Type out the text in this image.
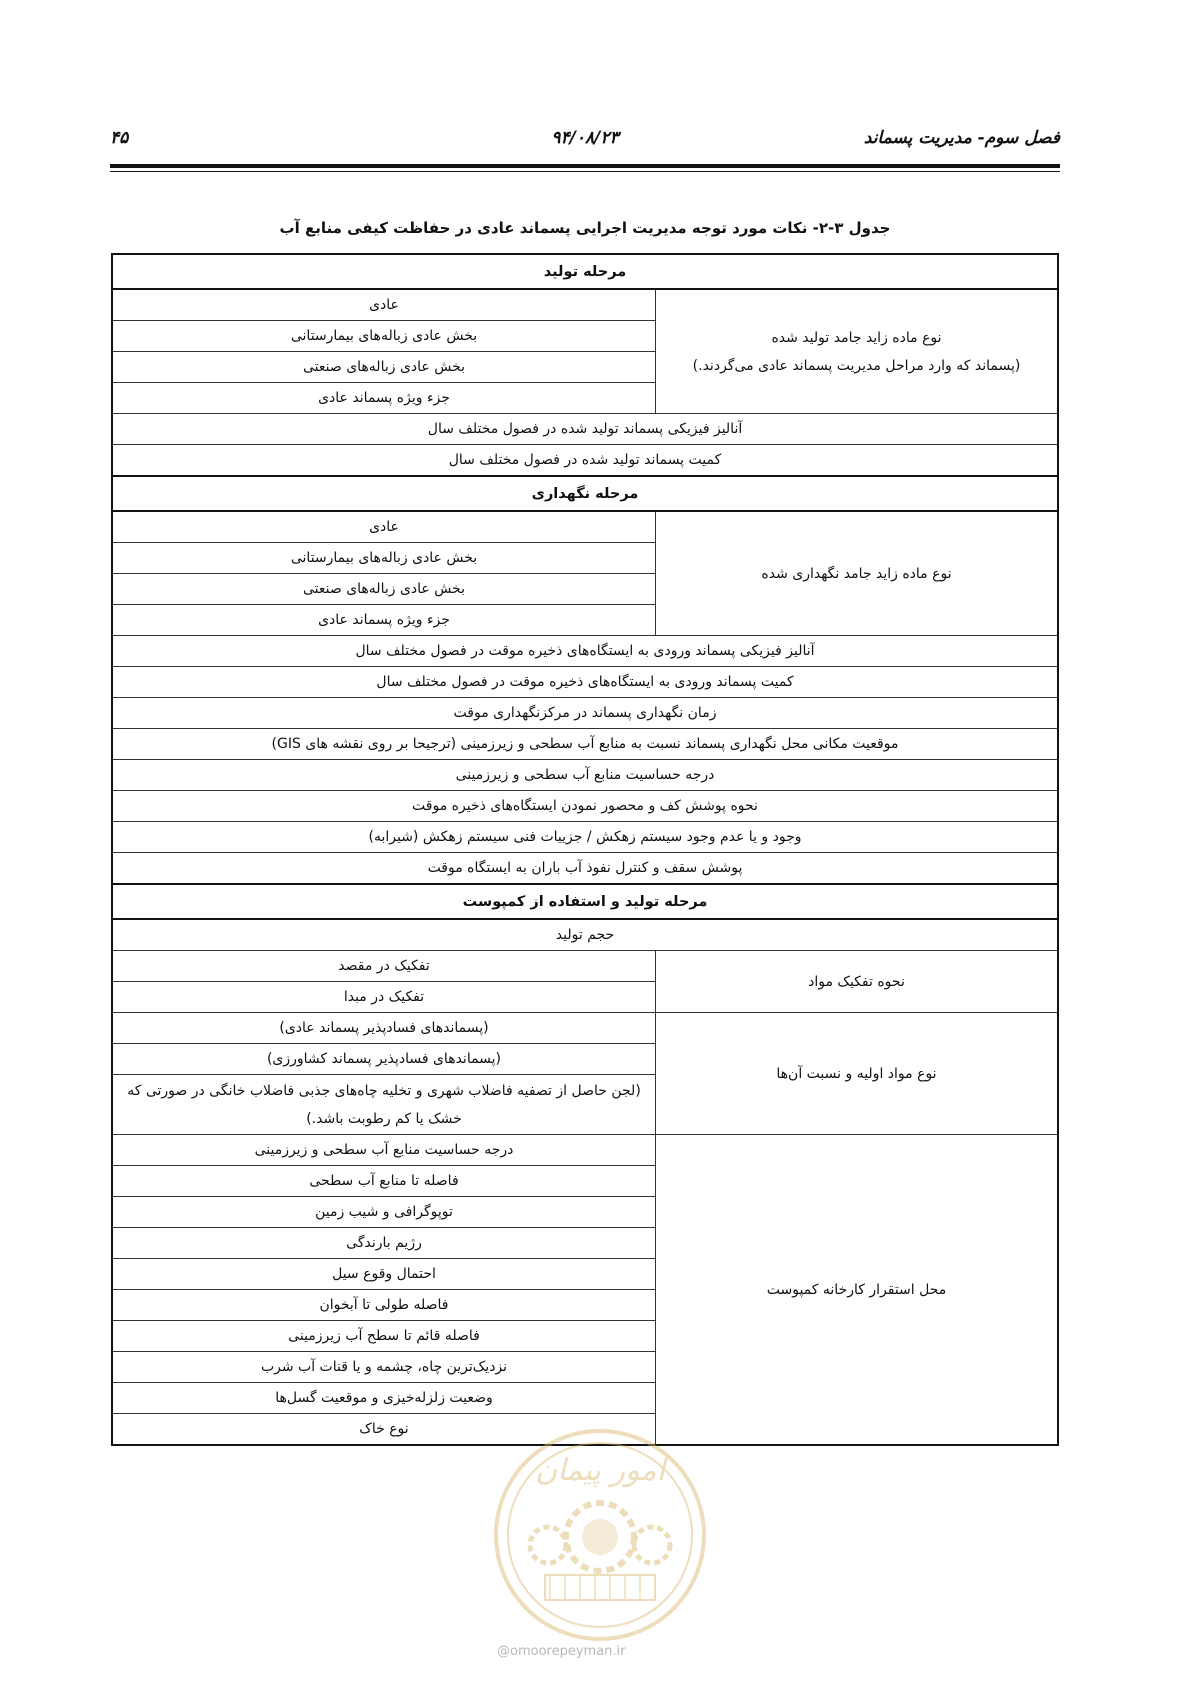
فصل سوم- مدیریت پسماند
۹۴/۰۸/۲۳
۴۵
جدول ۳-۲- نکات مورد توجه مدیریت اجرایی پسماند عادی در حفاظت کیفی منابع آب
مرحله تولید	
نوع ماده زاید جامد تولید شده
(پسماند که وارد مراحل مدیریت پسماند عادی می‌گردند.)	عادی
	بخش عادی زباله‌های بیمارستانی
	بخش عادی زباله‌های صنعتی
	جزء ویژه پسماند عادی
آنالیز فیزیکی پسماند تولید شده در فصول مختلف سال	
کمیت پسماند تولید شده در فصول مختلف سال	
مرحله نگهداری	
نوع ماده زاید جامد نگهداری شده	عادی
	بخش عادی زباله‌های بیمارستانی
	بخش عادی زباله‌های صنعتی
	جزء ویژه پسماند عادی
آنالیز فیزیکی پسماند ورودی به ایستگاه‌های ذخیره موقت در فصول مختلف سال	
کمیت پسماند ورودی به ایستگاه‌های ذخیره موقت در فصول مختلف سال	
زمان نگهداری پسماند در مرکزنگهداری موقت	
موقعیت مکانی محل نگهداری پسماند نسبت به منابع آب سطحی و زیرزمینی (ترجیحا بر روی نقشه های GIS)	
درجه حساسیت منابع آب سطحی و زیرزمینی	
نحوه پوشش کف و محصور نمودن ایستگاه‌های ذخیره موقت	
وجود و یا عدم وجود سیستم زهکش / جزییات فنی سیستم زهکش (شیرابه)	
پوشش سقف و کنترل نفوذ آب باران به ایستگاه موقت	
مرحله تولید و استفاده از کمپوست	
حجم تولید	
نحوه تفکیک مواد	تفکیک در مقصد
	تفکیک در مبدا
نوع مواد اولیه و نسبت آن‌ها	(پسماندهای فسادپذیر پسماند عادی)
	(پسماندهای فسادپذیر پسماند کشاورزی)
	(لجن حاصل از تصفیه فاضلاب شهری و تخلیه چاه‌های جذبی فاضلاب خانگی در صورتی که خشک یا کم رطوبت باشد.)
محل استقرار کارخانه کمپوست	درجه حساسیت منابع آب سطحی و زیرزمینی
	فاصله تا منابع آب سطحی
	توپوگرافی و شیب زمین
	رژیم بارندگی
	احتمال وقوع سیل
	فاصله طولی تا آبخوان
	فاصله قائم تا سطح آب زیرزمینی
	نزدیک‌ترین چاه، چشمه و یا قنات آب شرب
	وضعیت زلزله‌خیزی و موقعیت گسل‌ها
	نوع خاک
امور پیمان
@omoorepeyman.ir
